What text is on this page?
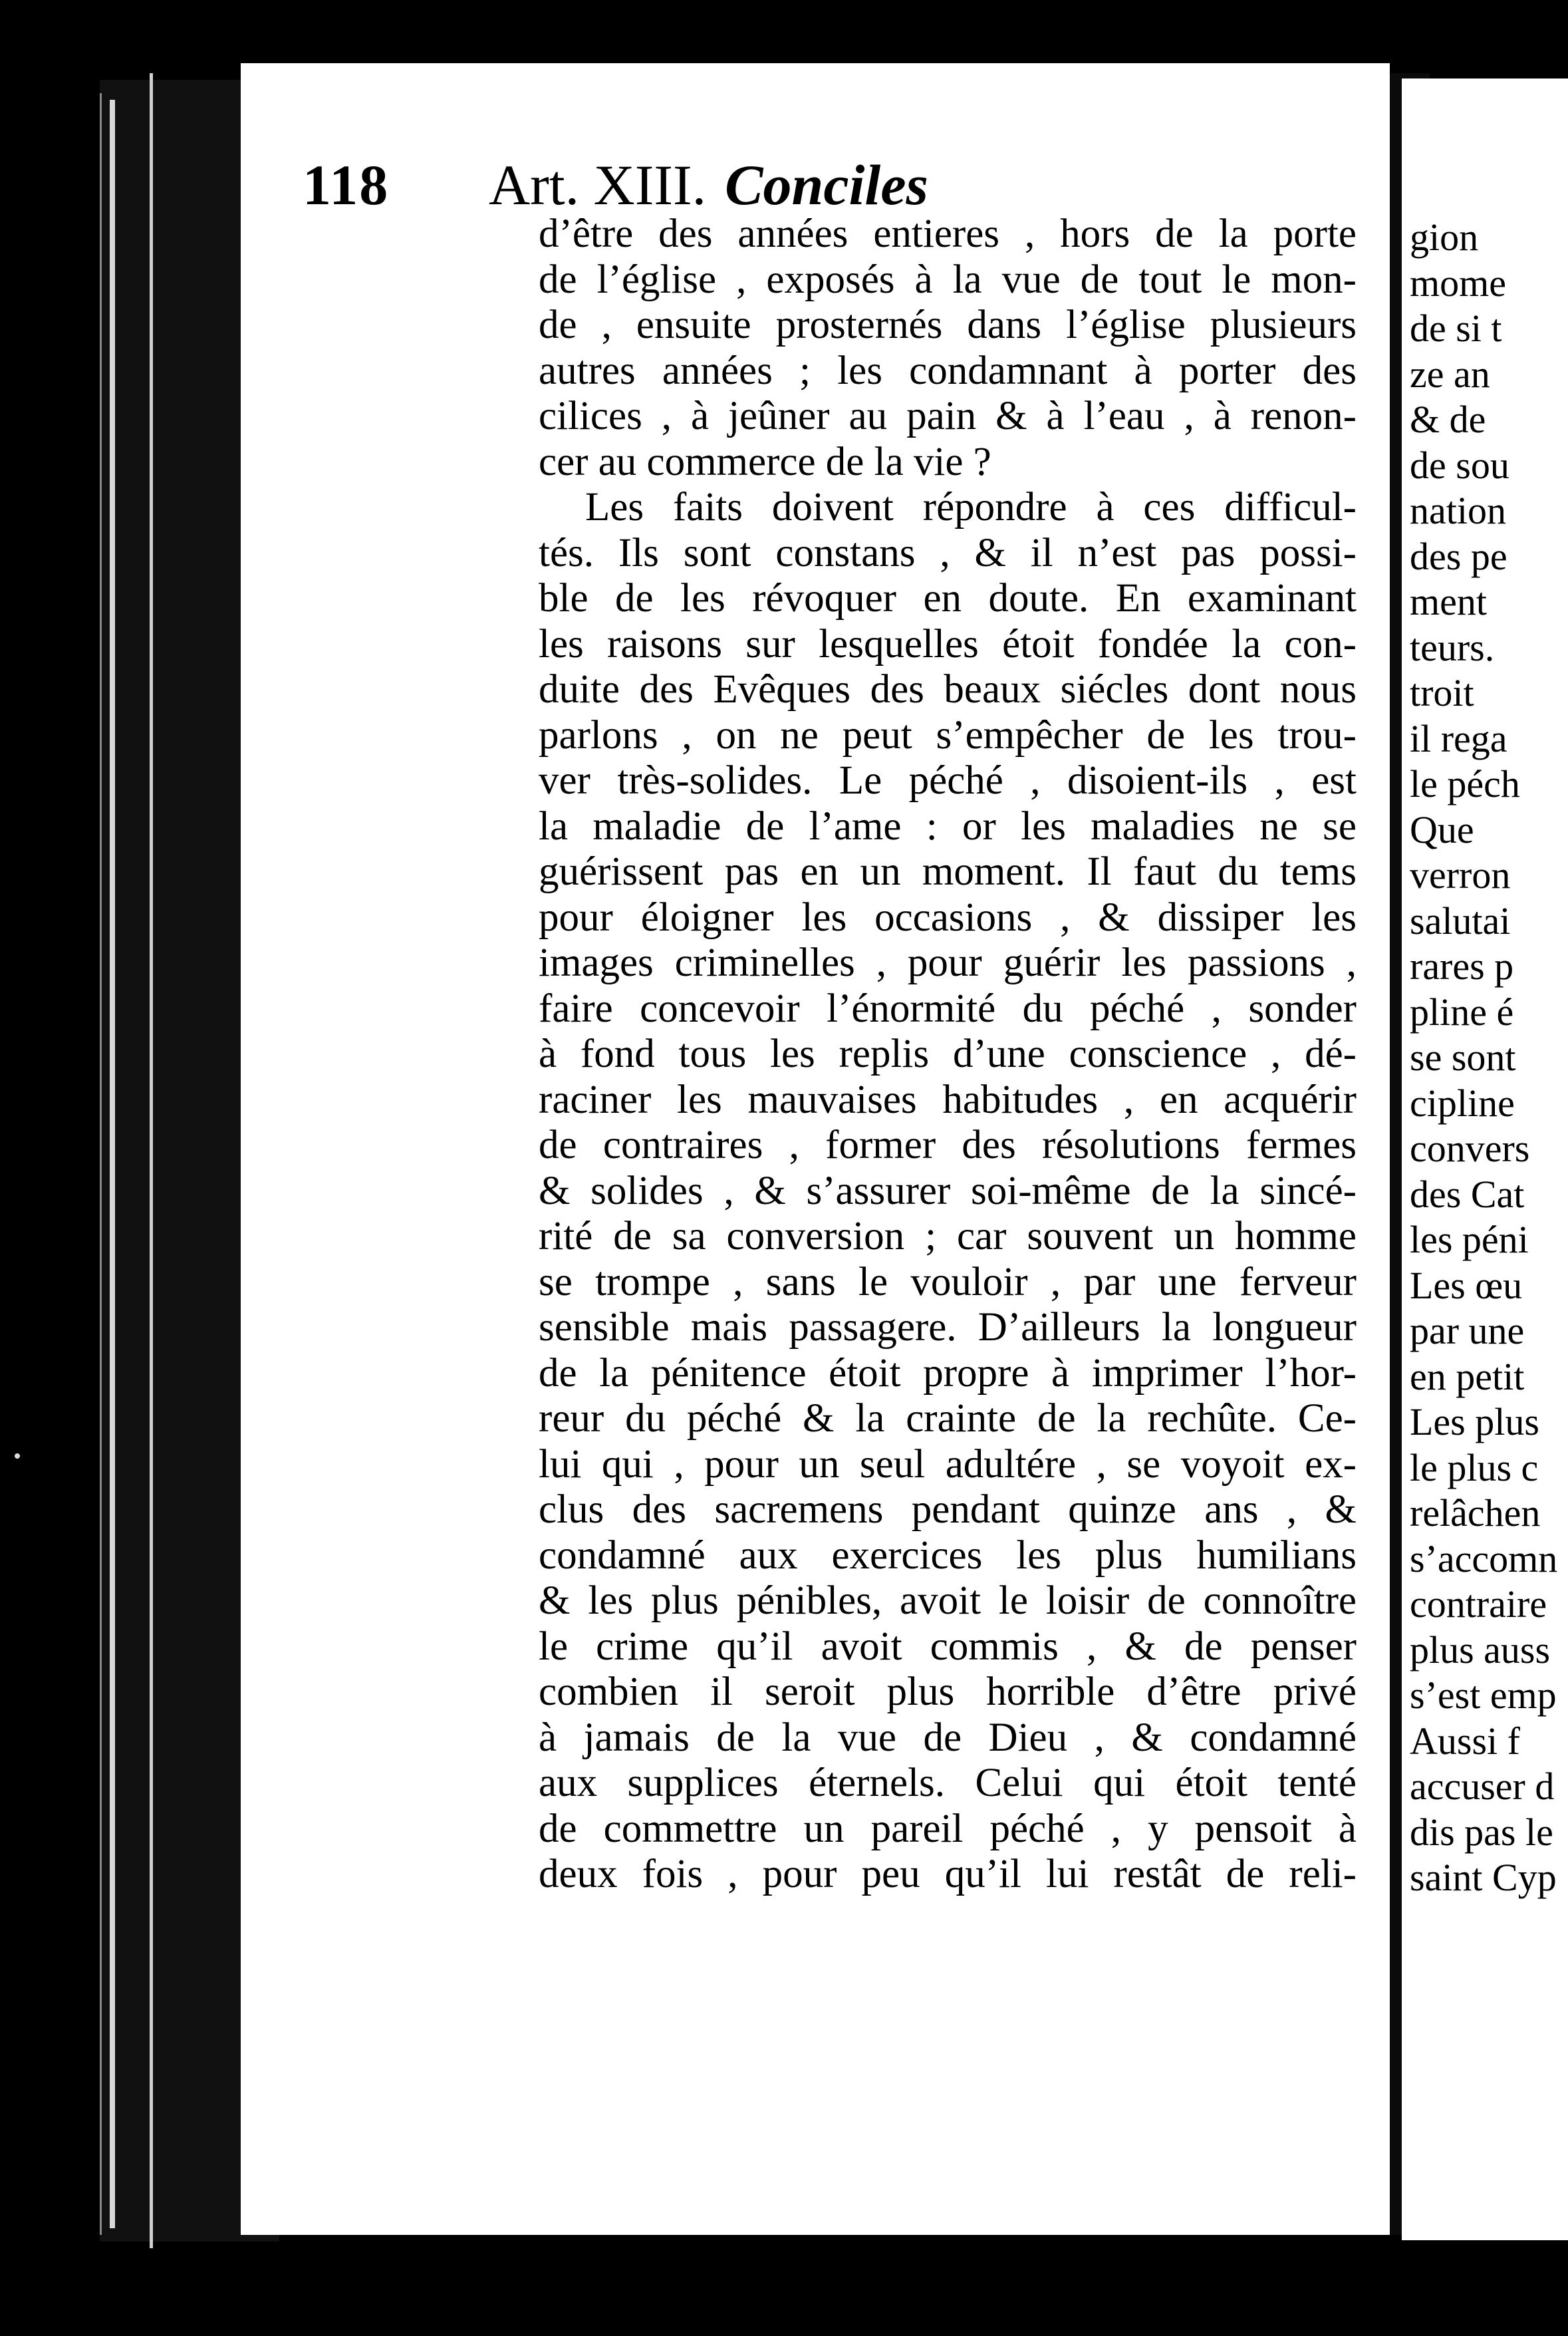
118 Art. XIII. Conciles
d’être des années entieres , hors de la porte
de l’église , exposés à la vue de tout le mon-
de , ensuite prosternés dans l’église plusieurs
autres années ; les condamnant à porter des
cilices , à jeûner au pain & à l’eau , à renon-
cer au commerce de la vie ?
Les faits doivent répondre à ces difficul-
tés. Ils sont constans , & il n’est pas possi-
ble de les révoquer en doute. En examinant
les raisons sur lesquelles étoit fondée la con-
duite des Evêques des beaux siécles dont nous
parlons , on ne peut s’empêcher de les trou-
ver très-solides. Le péché , disoient-ils , est
la maladie de l’ame : or les maladies ne se
guérissent pas en un moment. Il faut du tems
pour éloigner les occasions , & dissiper les
images criminelles , pour guérir les passions ,
faire concevoir l’énormité du péché , sonder
à fond tous les replis d’une conscience , dé-
raciner les mauvaises habitudes , en acquérir
de contraires , former des résolutions fermes
& solides , & s’assurer soi-même de la sincé-
rité de sa conversion ; car souvent un homme
se trompe , sans le vouloir , par une ferveur
sensible mais passagere. D’ailleurs la longueur
de la pénitence étoit propre à imprimer l’hor-
reur du péché & la crainte de la rechûte. Ce-
lui qui , pour un seul adultére , se voyoit ex-
clus des sacremens pendant quinze ans , &
condamné aux exercices les plus humilians
& les plus pénibles, avoit le loisir de connoître
le crime qu’il avoit commis , & de penser
combien il seroit plus horrible d’être privé
à jamais de la vue de Dieu , & condamné
aux supplices éternels. Celui qui étoit tenté
de commettre un pareil péché , y pensoit à
deux fois , pour peu qu’il lui restât de reli-
gion
mome
de si t
ze an
& de
de sou
nation
des pe
ment
teurs.
troit
il rega
le péch
Que
verron
salutai
rares p
pline é
se sont
cipline
convers
des Cat
les péni
Les œu
par une
en petit
Les plus
le plus c
relâchen
s’accomn
contraire
plus auss
s’est emp
Aussi f
accuser d
dis pas le
saint Cyp
